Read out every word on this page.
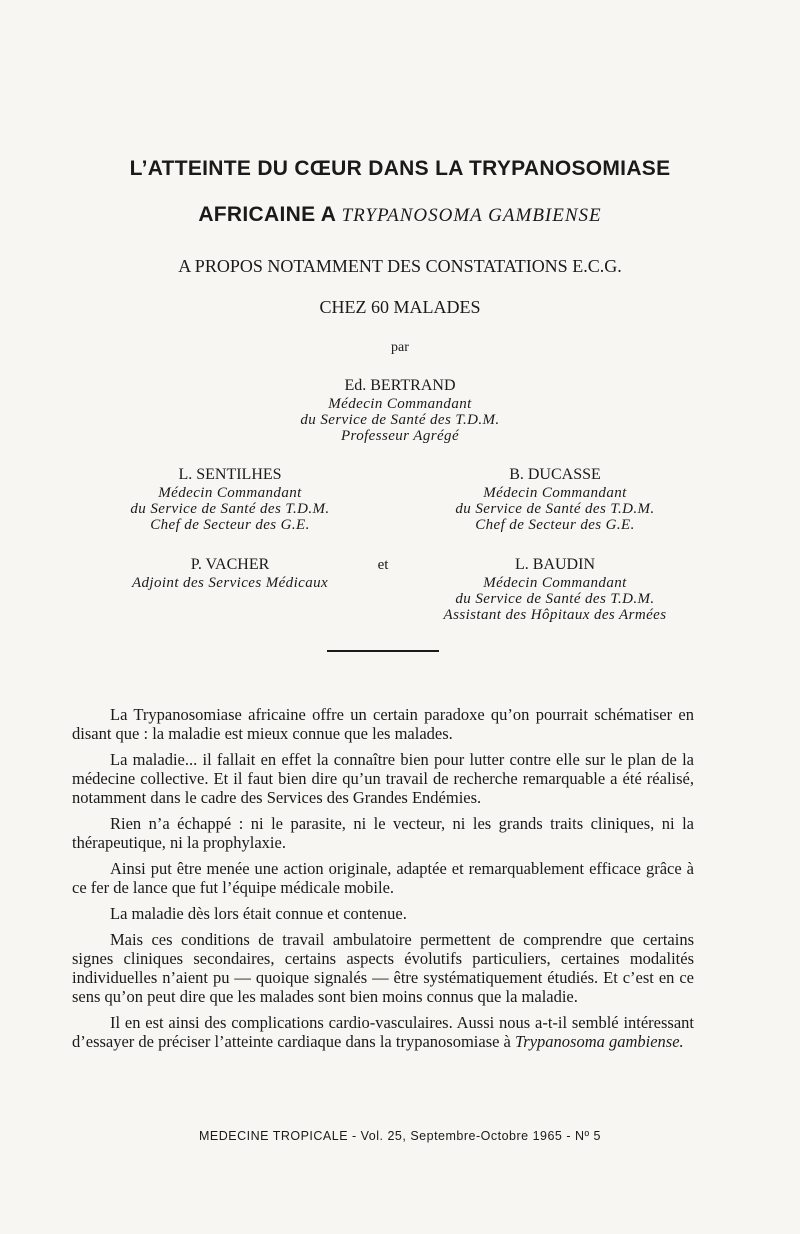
L’ATTEINTE DU CŒUR DANS LA TRYPANOSOMIASE
AFRICAINE A TRYPANOSOMA GAMBIENSE
A PROPOS NOTAMMENT DES CONSTATATIONS E.C.G.
CHEZ 60 MALADES
par
Ed. BERTRAND
Médecin Commandant
du Service de Santé des T.D.M.
Professeur Agrégé
L. SENTILHES
Médecin Commandant
du Service de Santé des T.D.M.
Chef de Secteur des G.E.
B. DUCASSE
Médecin Commandant
du Service de Santé des T.D.M.
Chef de Secteur des G.E.
P. VACHER
Adjoint des Services Médicaux
et	L. BAUDIN
Médecin Commandant
du Service de Santé des T.D.M.
Assistant des Hôpitaux des Armées

La Trypanosomiase africaine offre un certain paradoxe qu’on pourrait schématiser en disant que : la maladie est mieux connue que les malades.

La maladie... il fallait en effet la connaître bien pour lutter contre elle sur le plan de la médecine collective. Et il faut bien dire qu’un travail de recherche remarquable a été réalisé, notamment dans le cadre des Services des Grandes Endémies.

Rien n’a échappé : ni le parasite, ni le vecteur, ni les grands traits cliniques, ni la thérapeutique, ni la prophylaxie.

Ainsi put être menée une action originale, adaptée et remarquablement efficace grâce à ce fer de lance que fut l’équipe médicale mobile.

La maladie dès lors était connue et contenue.

Mais ces conditions de travail ambulatoire permettent de comprendre que certains signes cliniques secondaires, certains aspects évolutifs particuliers, certaines modalités individuelles n’aient pu — quoique signalés — être systématiquement étudiés. Et c’est en ce sens qu’on peut dire que les malades sont bien moins connus que la maladie.

Il en est ainsi des complications cardio-vasculaires. Aussi nous a-t-il semblé intéressant d’essayer de préciser l’atteinte cardiaque dans la trypanosomiase à Trypanosoma gambiense.

MEDECINE TROPICALE - Vol. 25, Septembre-Octobre 1965 - Nº 5
